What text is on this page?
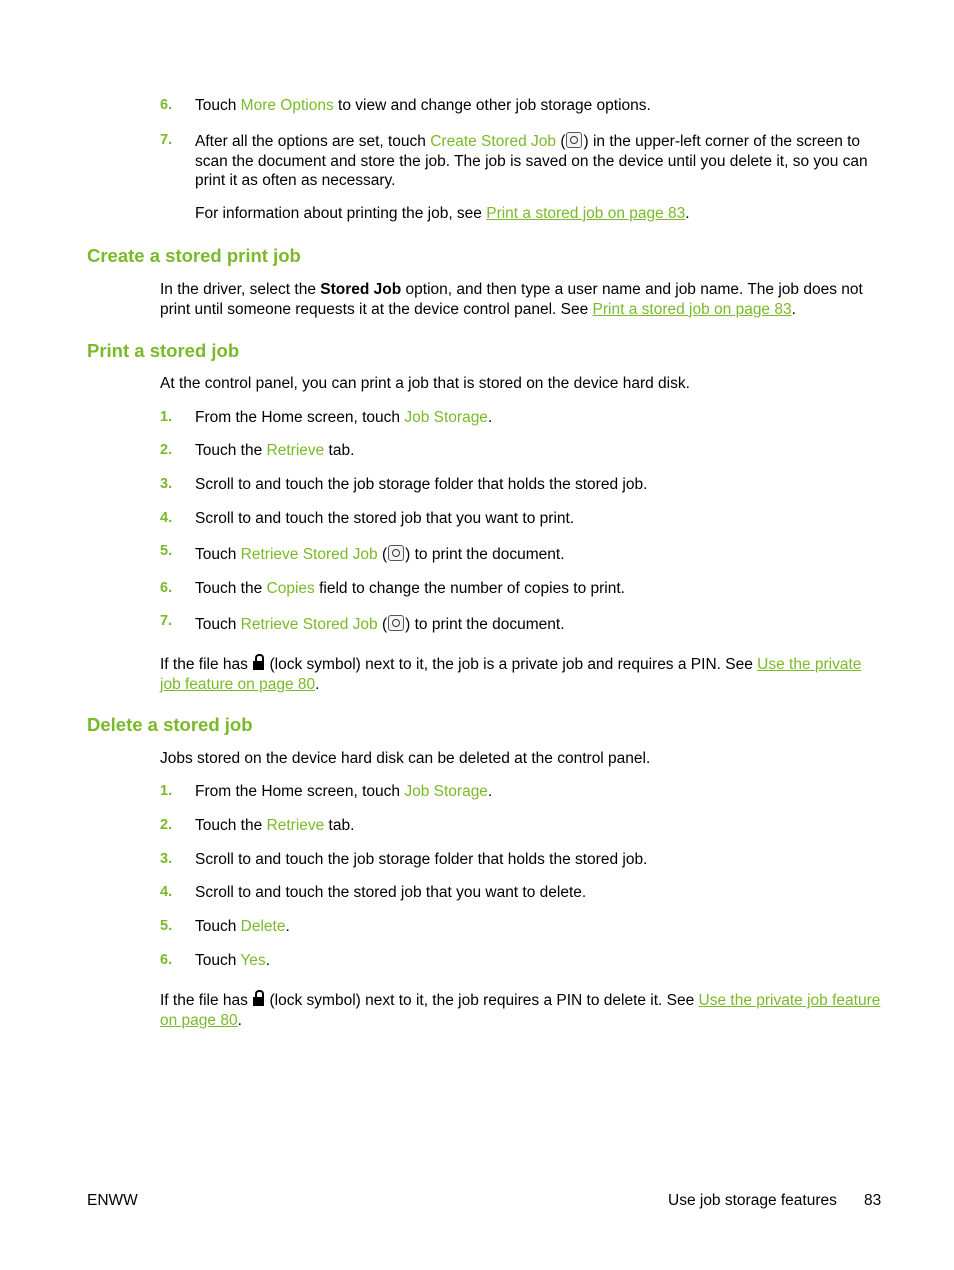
6. Touch More Options to view and change other job storage options.
7. After all the options are set, touch Create Stored Job ( ) in the upper-left corner of the screen to scan the document and store the job. The job is saved on the device until you delete it, so you can print it as often as necessary.
For information about printing the job, see Print a stored job on page 83.
Create a stored print job
In the driver, select the Stored Job option, and then type a user name and job name. The job does not print until someone requests it at the device control panel. See Print a stored job on page 83.
Print a stored job
At the control panel, you can print a job that is stored on the device hard disk.
1. From the Home screen, touch Job Storage.
2. Touch the Retrieve tab.
3. Scroll to and touch the job storage folder that holds the stored job.
4. Scroll to and touch the stored job that you want to print.
5. Touch Retrieve Stored Job ( ) to print the document.
6. Touch the Copies field to change the number of copies to print.
7. Touch Retrieve Stored Job ( ) to print the document.
If the file has  (lock symbol) next to it, the job is a private job and requires a PIN. See Use the private job feature on page 80.
Delete a stored job
Jobs stored on the device hard disk can be deleted at the control panel.
1. From the Home screen, touch Job Storage.
2. Touch the Retrieve tab.
3. Scroll to and touch the job storage folder that holds the stored job.
4. Scroll to and touch the stored job that you want to delete.
5. Touch Delete.
6. Touch Yes.
If the file has  (lock symbol) next to it, the job requires a PIN to delete it. See Use the private job feature on page 80.
ENWW	Use job storage features 83
